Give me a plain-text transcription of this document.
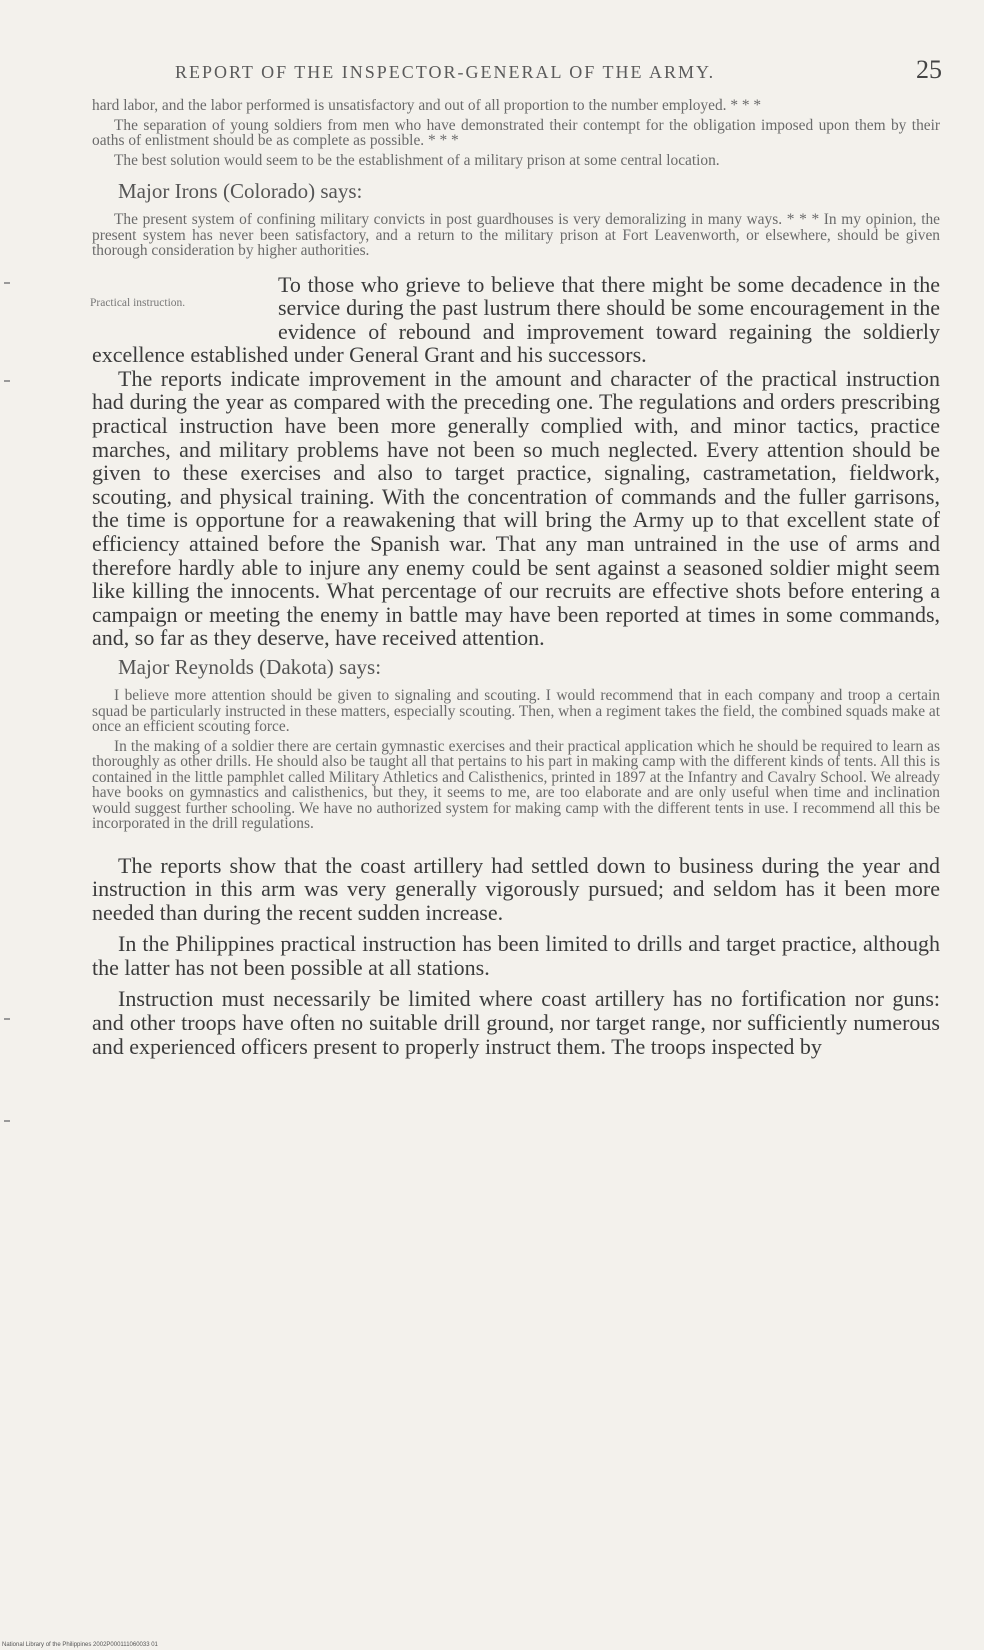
REPORT OF THE INSPECTOR-GENERAL OF THE ARMY.	25

hard labor, and the labor performed is unsatisfactory and out of all proportion to the number employed. * * *

The separation of young soldiers from men who have demonstrated their contempt for the obligation imposed upon them by their oaths of enlistment should be as complete as possible. * * *

The best solution would seem to be the establishment of a military prison at some central location.

Major Irons (Colorado) says:

The present system of confining military convicts in post guardhouses is very demoralizing in many ways. * * * In my opinion, the present system has never been satisfactory, and a return to the military prison at Fort Leavenworth, or elsewhere, should be given thorough consideration by higher authorities.

Practical instruction.

To those who grieve to believe that there might be some decadence in the service during the past lustrum there should be some encouragement in the evidence of rebound and improvement toward regaining the soldierly excellence established under General Grant and his successors.

The reports indicate improvement in the amount and character of the practical instruction had during the year as compared with the preceding one. The regulations and orders prescribing practical instruction have been more generally complied with, and minor tactics, practice marches, and military problems have not been so much neglected. Every attention should be given to these exercises and also to target practice, signaling, castrametation, fieldwork, scouting, and physical training. With the concentration of commands and the fuller garrisons, the time is opportune for a reawakening that will bring the Army up to that excellent state of efficiency attained before the Spanish war. That any man untrained in the use of arms and therefore hardly able to injure any enemy could be sent against a seasoned soldier might seem like killing the innocents. What percentage of our recruits are effective shots before entering a campaign or meeting the enemy in battle may have been reported at times in some commands, and, so far as they deserve, have received attention.

Major Reynolds (Dakota) says:

I believe more attention should be given to signaling and scouting. I would recommend that in each company and troop a certain squad be particularly instructed in these matters, especially scouting. Then, when a regiment takes the field, the combined squads make at once an efficient scouting force.

In the making of a soldier there are certain gymnastic exercises and their practical application which he should be required to learn as thoroughly as other drills. He should also be taught all that pertains to his part in making camp with the different kinds of tents. All this is contained in the little pamphlet called Military Athletics and Calisthenics, printed in 1897 at the Infantry and Cavalry School. We already have books on gymnastics and calisthenics, but they, it seems to me, are too elaborate and are only useful when time and inclination would suggest further schooling. We have no authorized system for making camp with the different tents in use. I recommend all this be incorporated in the drill regulations.

The reports show that the coast artillery had settled down to business during the year and instruction in this arm was very generally vigorously pursued; and seldom has it been more needed than during the recent sudden increase.

In the Philippines practical instruction has been limited to drills and target practice, although the latter has not been possible at all stations.

Instruction must necessarily be limited where coast artillery has no fortification nor guns: and other troops have often no suitable drill ground, nor target range, nor sufficiently numerous and experienced officers present to properly instruct them. The troops inspected by

National Library of the Philippines 2002P000111060033 01
